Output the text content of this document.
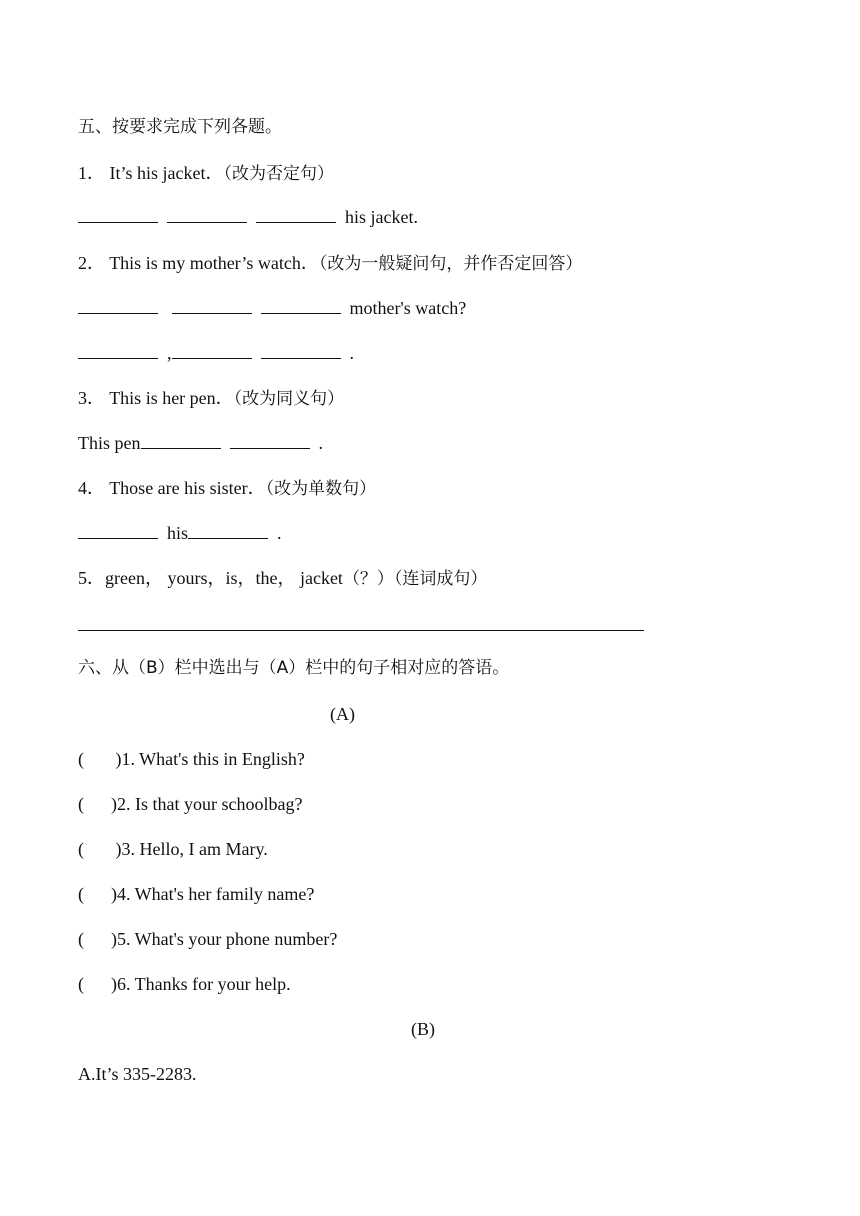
五、按要求完成下列各题。
1． It’s his jacket．（改为否定句）
his jacket.
2． This is my mother’s watch．（改为一般疑问句，并作否定回答）
mother's watch?
,	.
3． This is her pen．（改为同义句）
This pen	.
4． Those are his sister．（改为单数句）
his	.
5．green， yours，is，the， jacket（？）（连词成句）
六、从（B）栏中选出与（A）栏中的句子相对应的答语。
(A)
(       )1. What's this in English?
(      )2. Is that your schoolbag?
(       )3. Hello, I am Mary.
(      )4. What's her family name?
(      )5. What's your phone number?
(      )6. Thanks for your help.
(B)
A.It’s 335-2283.
